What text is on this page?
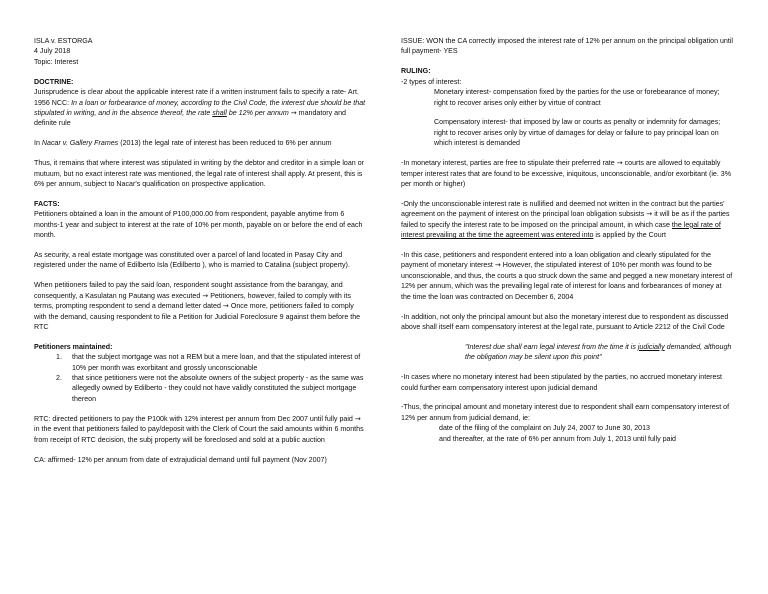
ISLA v. ESTORGA

4 July 2018

Topic: Interest

DOCTRINE:

Jurisprudence is clear about the applicable interest rate if a written instrument fails to specify a rate- Art. 1956 NCC: In a loan or forbearance of money, according to the Civil Code, the interest due should be that stipulated in writing, and in the absence thereof, the rate shall be 12% per annum → mandatory and definite rule

In Nacar v. Gallery Frames (2013) the legal rate of interest has been reduced to 6% per annum

Thus, it remains that where interest was stipulated in writing by the debtor and creditor in a simple loan or mutuum, but no exact interest rate was mentioned, the legal rate of interest shall apply. At present, this is 6% per annum, subject to Nacar's qualification on prospective application.

FACTS:

Petitioners obtained a loan in the amount of P100,000.00 from respondent, payable anytime from 6 months-1 year and subject to interest at the rate of 10% per month, payable on or before the end of each month.

As security, a real estate mortgage was constituted over a parcel of land located in Pasay City and registered under the name of Edilberto Isla (Edilberto ), who is married to Catalina (subject property).

When petitioners failed to pay the said loan, respondent sought assistance from the barangay, and consequently, a Kasulatan ng Pautang was executed → Petitioners, however, failed to comply with its terms, prompting respondent to send a demand letter dated → Once more, petitioners failed to comply with the demand, causing respondent to file a Petition for Judicial Foreclosure 9 against them before the RTC

Petitioners maintained:

1. that the subject mortgage was not a REM but a mere loan, and that the stipulated interest of 10% per month was exorbitant and grossly unconscionable
2. that since petitioners were not the absolute owners of the subject property - as the same was allegedly owned by Edilberto - they could not have validly constituted the subject mortgage thereon

RTC: directed petitioners to pay the P100k with 12% interest per annum from Dec 2007 until fully paid → in the event that petitioners failed to pay/deposit with the Clerk of Court the said amounts within 6 months from receipt of RTC decision, the subj property will be foreclosed and sold at a public auction

CA: affirmed- 12% per annum from date of extrajudicial demand until full payment (Nov 2007)

ISSUE: WON the CA correctly imposed the interest rate of 12% per annum on the principal obligation until full payment- YES

RULING:

-2 types of interest:

Monetary interest- compensation fixed by the parties for the use or forebearance of money; right to recover arises only either by virtue of contract

Compensatory interest- that imposed by law or courts as penalty or indemnity for damages; right to recover arises only by virtue of damages for delay or failure to pay principal loan on which interest is demanded

-In monetary interest, parties are free to stipulate their preferred rate → courts are allowed to equitably temper interest rates that are found to be excessive, iniquitous, unconscionable, and/or exorbitant (ie. 3% per month or higher)

-Only the unconscionable interest rate is nullified and deemed not written in the contract but the parties' agreement on the payment of interest on the principal loan obligation subsists → it will be as if the parties failed to specify the interest rate to be imposed on the principal amount, in which case the legal rate of interest prevailing at the time the agreement was entered into is applied by the Court

-In this case, petitioners and respondent entered into a loan obligation and clearly stipulated for the payment of monetary interest → However, the stipulated interest of 10% per month was found to be unconscionable, and thus, the courts a quo struck down the same and pegged a new monetary interest of 12% per annum, which was the prevailing legal rate of interest for loans and forbearances of money at the time the loan was contracted on December 6, 2004

-In addition, not only the principal amount but also the monetary interest due to respondent as discussed above shall itself earn compensatory interest at the legal rate, pursuant to Article 2212 of the Civil Code

"Interest due shall earn legal interest from the time it is judicially demanded, although the obligation may be silent upon this point"

-In cases where no monetary interest had been stipulated by the parties, no accrued monetary interest could further earn compensatory interest upon judicial demand

-Thus, the principal amount and monetary interest due to respondent shall earn compensatory interest of 12% per annum from judicial demand, ie:

date of the filing of the complaint on July 24, 2007 to June 30, 2013

and thereafter, at the rate of 6% per annum from July 1, 2013 until fully paid
